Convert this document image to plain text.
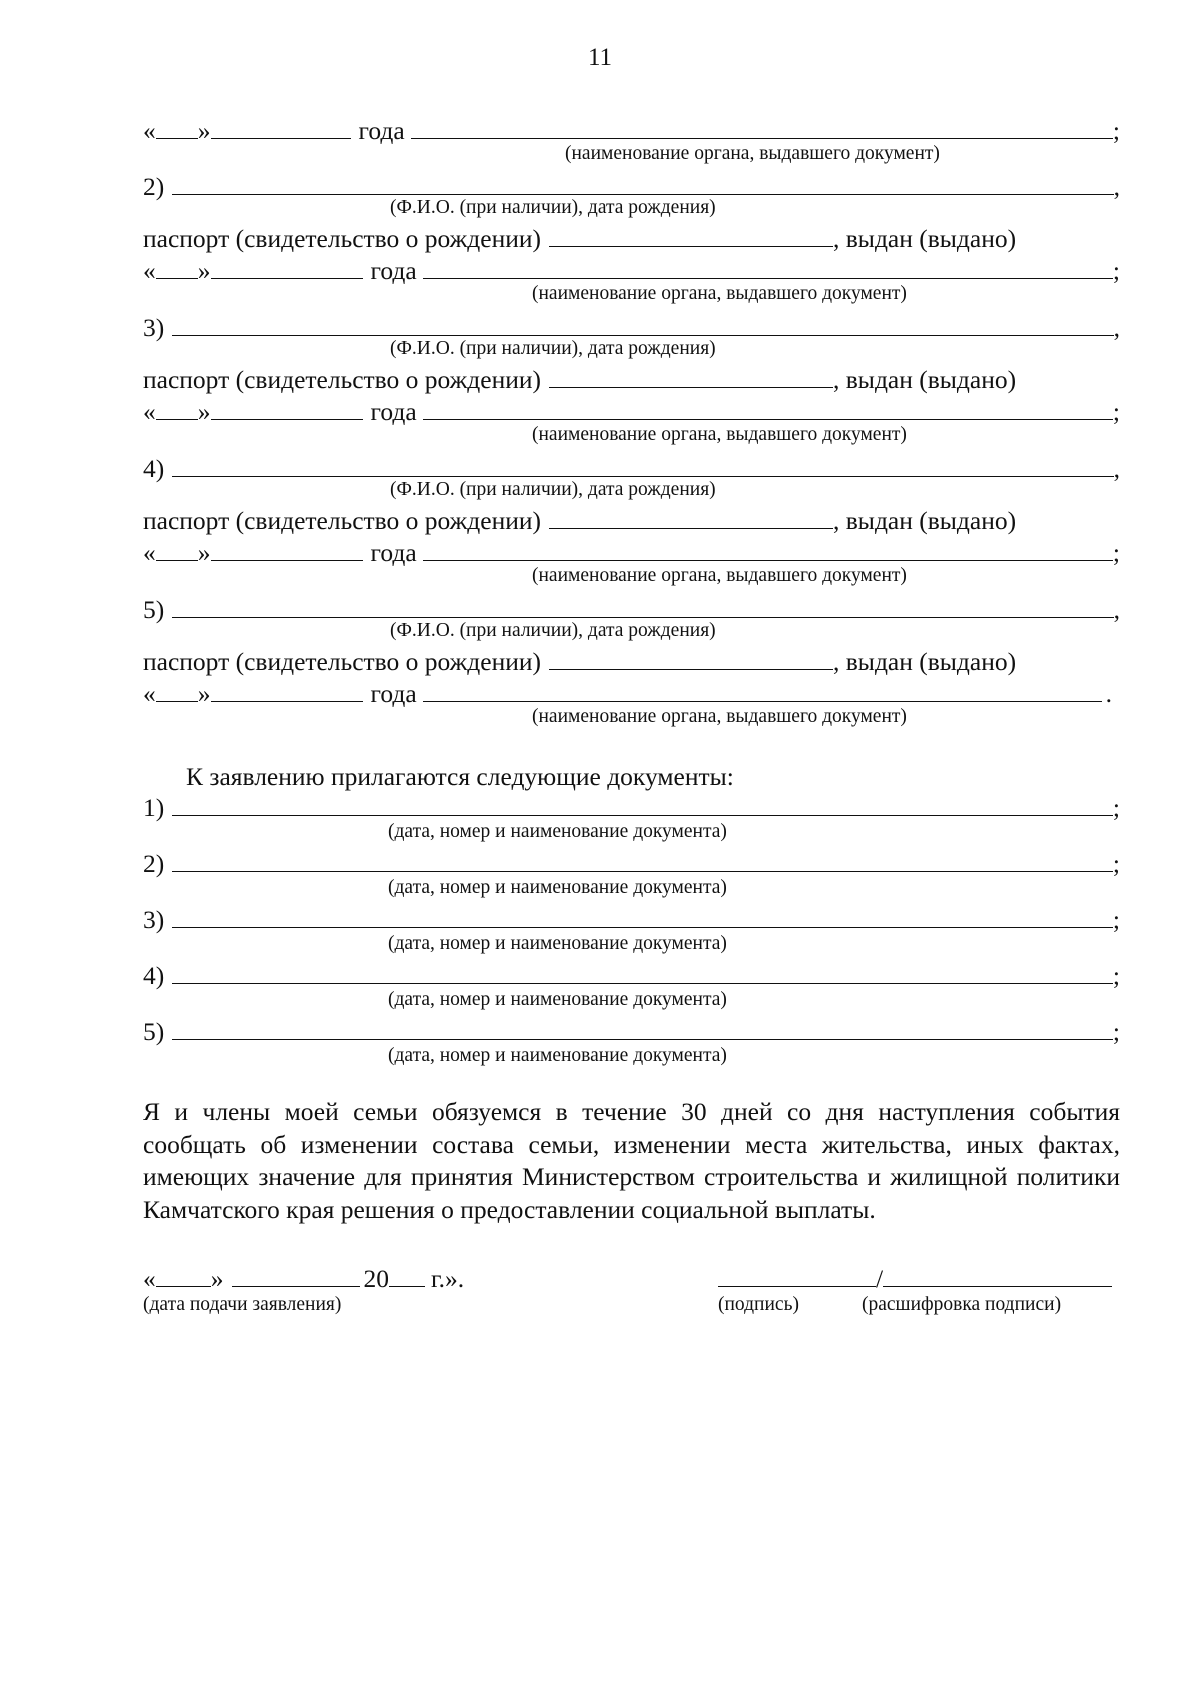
11
« »	года	;
(наименование органа, выдавшего документ)
2)	,
(Ф.И.О. (при наличии), дата рождения)
паспорт (свидетельство о рождении)	, выдан (выдано)
« »	года	;
(наименование органа, выдавшего документ)
3)	,
(Ф.И.О. (при наличии), дата рождения)
паспорт (свидетельство о рождении)	, выдан (выдано)
« »	года	;
(наименование органа, выдавшего документ)
4)	,
(Ф.И.О. (при наличии), дата рождения)
паспорт (свидетельство о рождении)	, выдан (выдано)
« »	года	;
(наименование органа, выдавшего документ)
5)	,
(Ф.И.О. (при наличии), дата рождения)
паспорт (свидетельство о рождении)	, выдан (выдано)
« »	года	.
(наименование органа, выдавшего документ)
К заявлению прилагаются следующие документы:
1)	;
(дата, номер и наименование документа)
2)	;
(дата, номер и наименование документа)
3)	;
(дата, номер и наименование документа)
4)	;
(дата, номер и наименование документа)
5)	;
(дата, номер и наименование документа)
Я и члены моей семьи обязуемся в течение 30 дней со дня наступления события сообщать об изменении состава семьи, изменении места жительства, иных фактах, имеющих значение для принятия Министерством строительства и жилищной политики Камчатского края решения о предоставлении социальной выплаты.
« »	20 г.».	/
(дата подачи заявления)	(подпись)	(расшифровка подписи)
